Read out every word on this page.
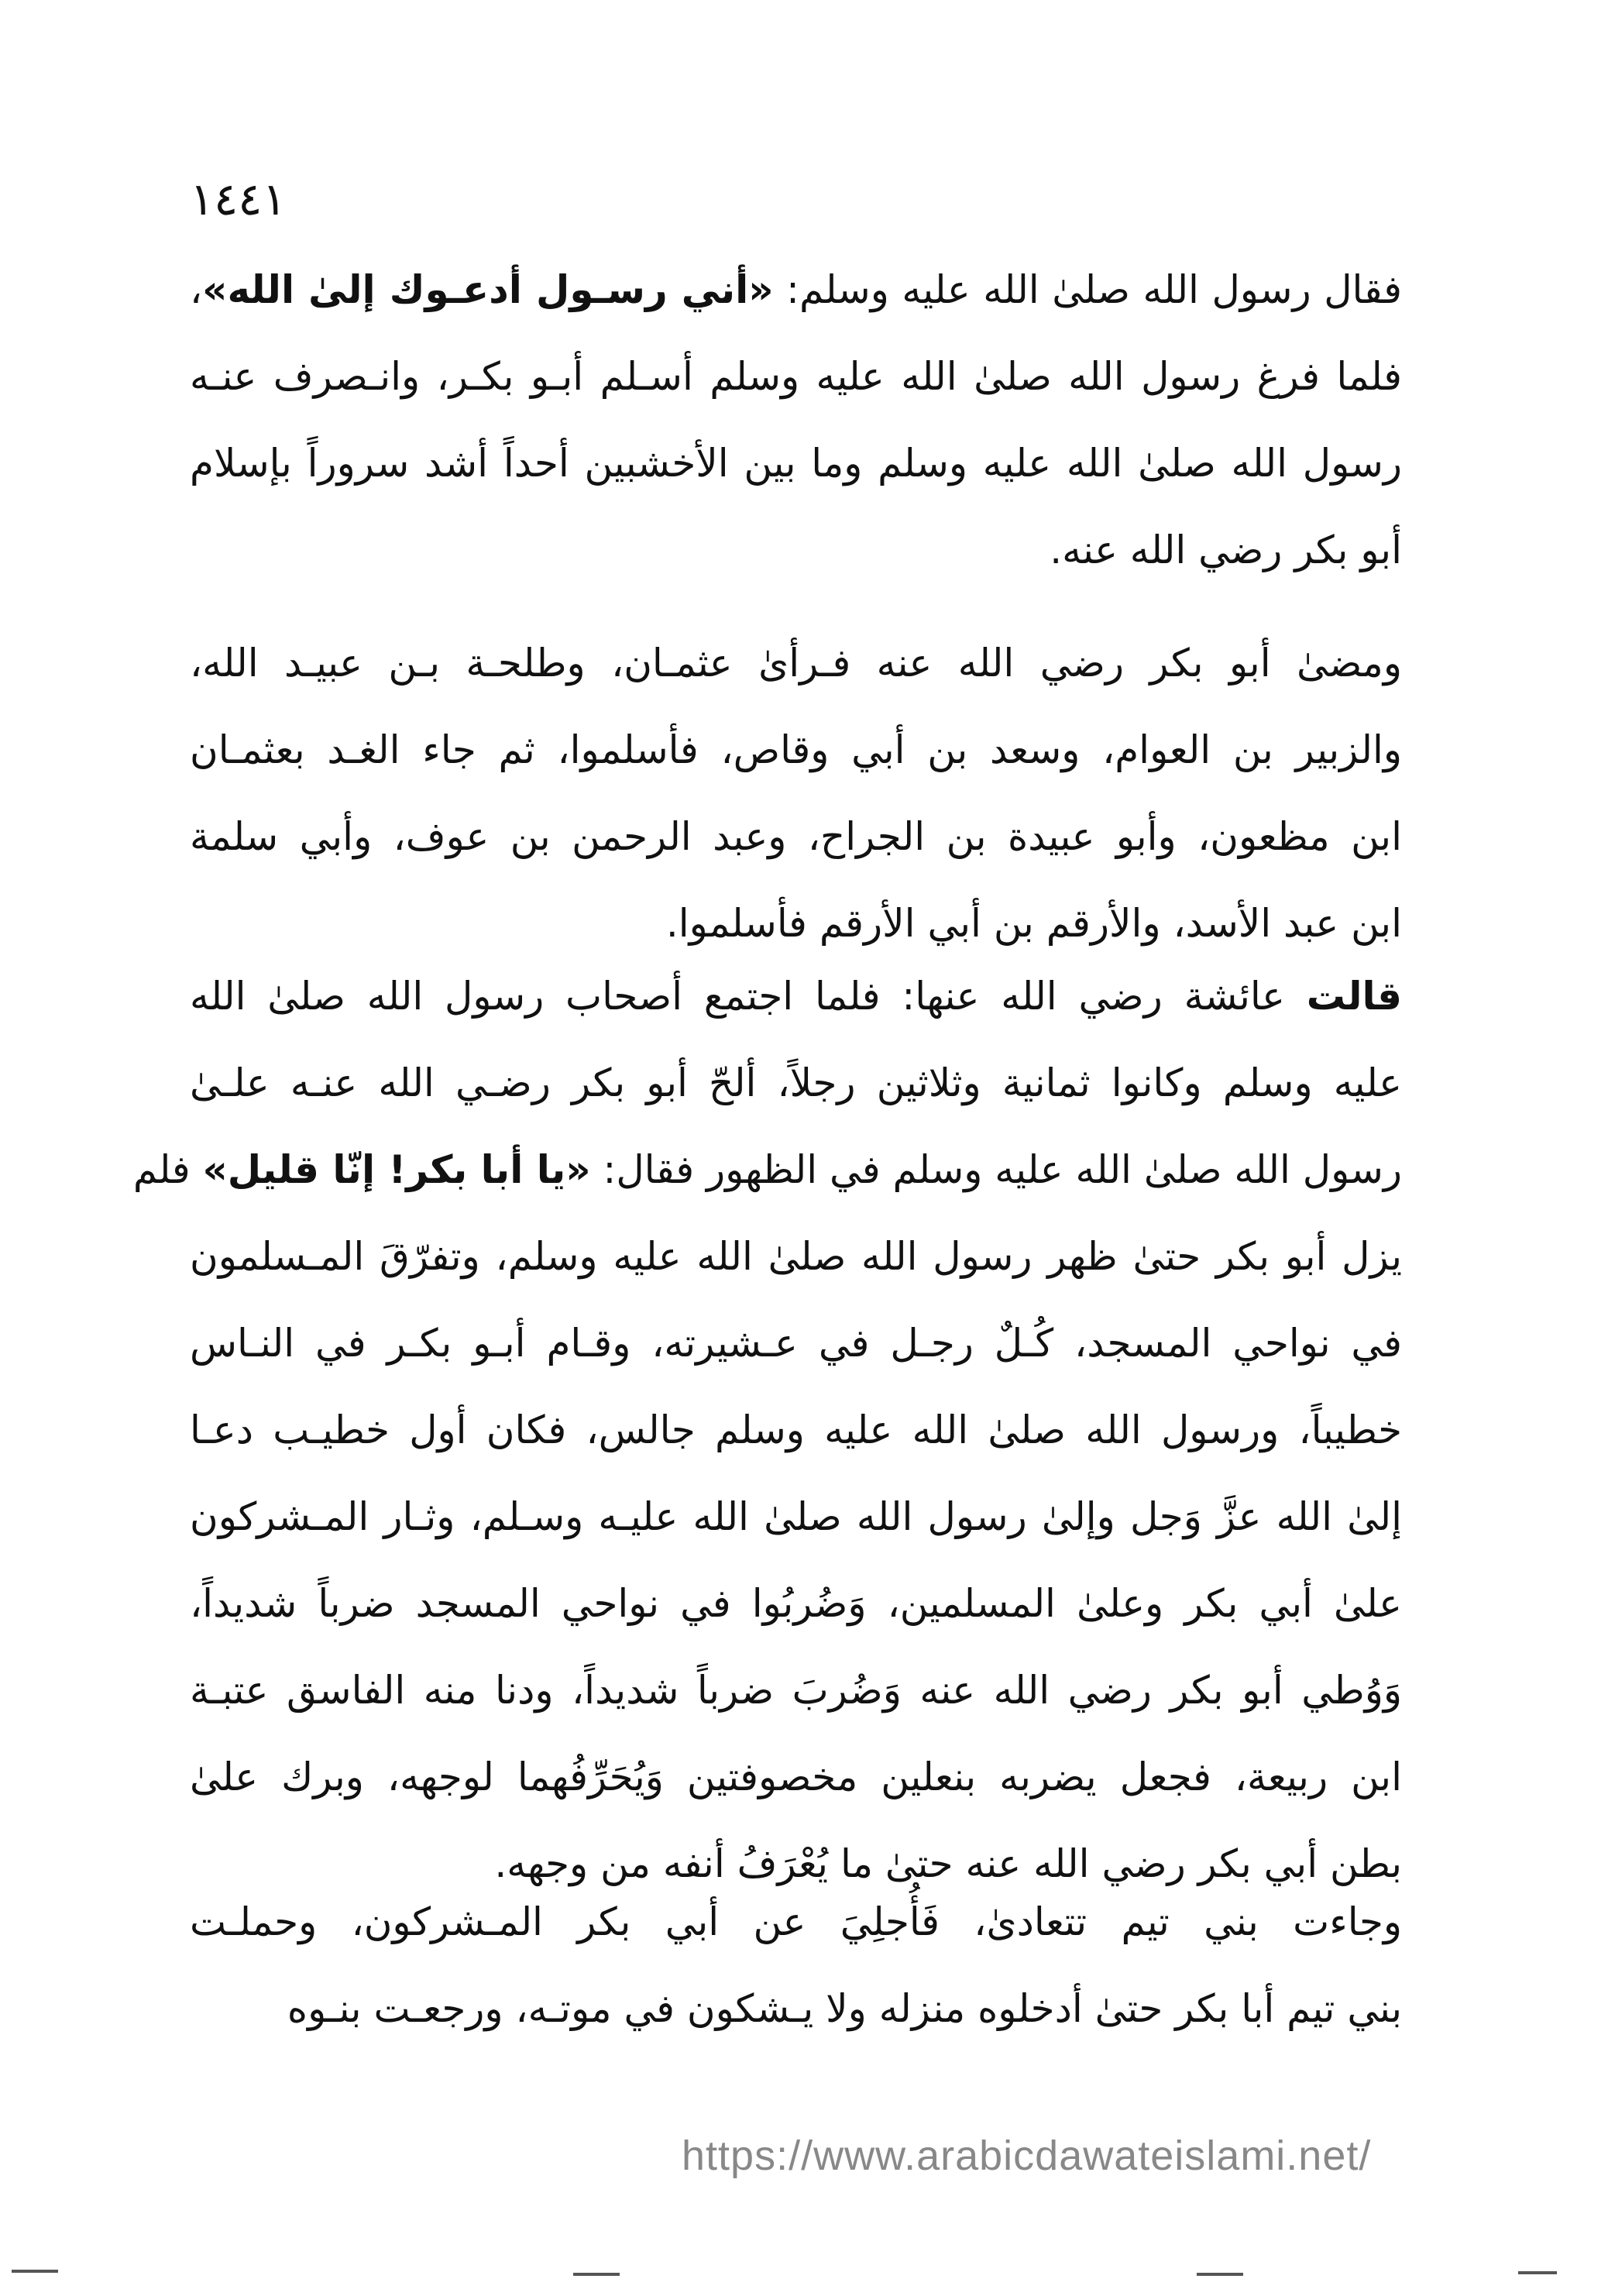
١٤٤١
فقال رسول الله صلىٰ الله عليه وسلم: «أني رسـول أدعـوك إلىٰ الله»،
فلما فرغ رسول الله صلىٰ الله عليه وسلم أسـلم أبـو بكـر، وانـصرف عنـه
رسول الله صلىٰ الله عليه وسلم وما بين الأخشبين أحداً أشد سروراً بإسلام
أبو بكر رضي الله عنه.
ومضىٰ أبو بكر رضي الله عنه فـرأىٰ عثمـان، وطلحـة بـن عبيـد الله،
والزبير بن العوام، وسعد بن أبي وقاص، فأسلموا، ثم جاء الغـد بعثمـان
ابن مظعون، وأبو عبيدة بن الجراح، وعبد الرحمن بن عوف، وأبي سلمة
ابن عبد الأسد، والأرقم بن أبي الأرقم فأسلموا.
قالت عائشة رضي الله عنها: فلما اجتمع أصحاب رسول الله صلىٰ الله
عليه وسلم وكانوا ثمانية وثلاثين رجلاً، ألحّ أبو بكر رضـي الله عنـه علـىٰ
رسول الله صلىٰ الله عليه وسلم في الظهور فقال: «يا أبا بكر! إنّا قليل» فلم
يزل أبو بكر حتىٰ ظهر رسول الله صلىٰ الله عليه وسلم، وتفرّقَ المـسلمون
في نواحي المسجد، كُـلٌ رجـل في عـشيرته، وقـام أبـو بكـر في النـاس
خطيباً، ورسول الله صلىٰ الله عليه وسلم جالس، فكان أول خطيـب دعـا
إلىٰ الله عزَّ وَجل وإلىٰ رسول الله صلىٰ الله عليـه وسـلم، وثـار المـشركون
علىٰ أبي بكر وعلىٰ المسلمين، وَضُربُوا في نواحي المسجد ضرباً شديداً،
وَوُطي أبو بكر رضي الله عنه وَضُربَ ضرباً شديداً، ودنا منه الفاسق عتبـة
ابن ربيعة، فجعل يضربه بنعلين مخصوفتين وَيُحَرِّفُهما لوجهه، وبرك علىٰ
بطن أبي بكر رضي الله عنه حتىٰ ما يُعْرَفُ أنفه من وجهه.
وجاءت بني تيم تتعادىٰ، فَأُجلِيَ عن أبي بكر المـشركون، وحملـت
بني تيم أبا بكر حتىٰ أدخلوه منزله ولا يـشكون في موتـه، ورجعـت بنـوه
https://www.arabicdawateislami.net/
